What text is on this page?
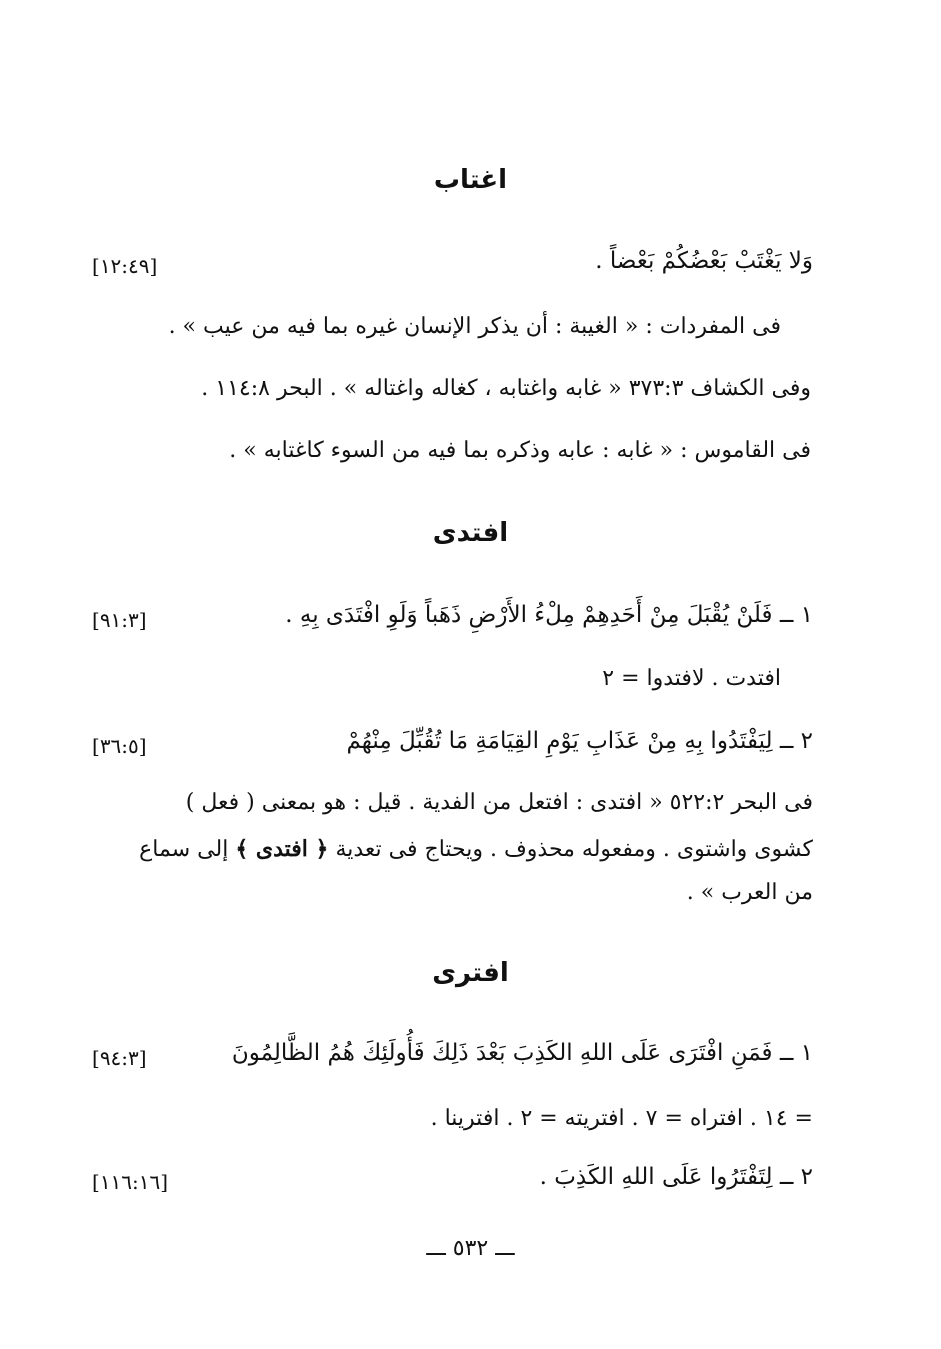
اغتاب
وَلا يَغْتَبْ بَعْضُكُمْ بَعْضاً .
[١٢:٤٩]
فى المفردات : « الغيبة : أن يذكر الإنسان غيره بما فيه من عيب » .
وفى الكشاف ٣٧٣:٣ « غابه واغتابه ، كغاله واغتاله » . البحر ١١٤:٨ .
فى القاموس : « غابه : عابه وذكره بما فيه من السوء كاغتابه » .
افتدى
١ ــ فَلَنْ يُقْبَلَ مِنْ أَحَدِهِمْ مِلْءُ الأَرْضِ ذَهَباً وَلَوِ افْتَدَى بِهِ .
[٩١:٣]
افتدت . لافتدوا = ٢
٢ ــ لِيَفْتَدُوا بِهِ مِنْ عَذَابِ يَوْمِ القِيَامَةِ مَا تُقُبِّلَ مِنْهُمْ
[٣٦:٥]
فى البحر ٥٢٢:٢ « افتدى : افتعل من الفدية . قيل : هو بمعنى ( فعل )
كشوى واشتوى . ومفعوله محذوف . ويحتاج فى تعدية ﴿ افتدى ﴾ إلى سماع
من العرب » .
افترى
١ ــ فَمَنِ افْتَرَى عَلَى اللهِ الكَذِبَ بَعْدَ ذَلِكَ فَأُولَئِكَ هُمُ الظَّالِمُونَ
[٩٤:٣]
= ١٤ . افتراه = ٧ . افتريته = ٢ . افترينا .
٢ ــ لِتَفْتَرُوا عَلَى اللهِ الكَذِبَ .
[١١٦:١٦]
ـــ ٥٣٢ ـــ
